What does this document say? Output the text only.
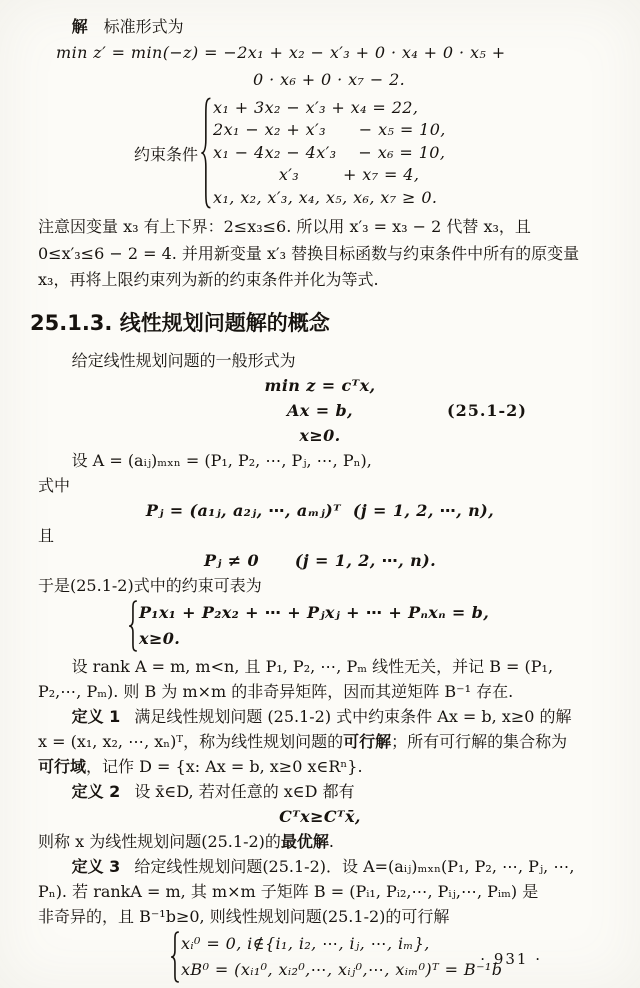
解 标准形式为
min z′ = min(−z) = −2x₁ + x₂ − x′₃ + 0 · x₄ + 0 · x₅ +
0 · x₆ + 0 · x₇ − 2.
约束条件
x₁ + 3x₂ − x′₃ + x₄ = 22,
2x₁ − x₂ + x′₃      − x₅ = 10,
x₁ − 4x₂ − 4x′₃    − x₆ = 10,
x′₃        + x₇ = 4,
x₁, x₂, x′₃, x₄, x₅, x₆, x₇ ≥ 0.
注意因变量 x₃ 有上下界：2≤x₃≤6. 所以用 x′₃ = x₃ − 2 代替 x₃，且
0≤x′₃≤6 − 2 = 4. 并用新变量 x′₃ 替换目标函数与约束条件中所有的原变量
x₃，再将上限约束列为新的约束条件并化为等式.
25.1.3. 线性规划问题解的概念
给定线性规划问题的一般形式为
min z = cᵀx,
Ax = b,
x≥0.
(25.1-2)
设 A = (aᵢⱼ)ₘₓₙ = (P₁, P₂, ⋯, Pⱼ, ⋯, Pₙ),
式中
Pⱼ = (a₁ⱼ, a₂ⱼ, ⋯, aₘⱼ)ᵀ  (j = 1, 2, ⋯, n),
且
Pⱼ ≠ 0      (j = 1, 2, ⋯, n).
于是(25.1-2)式中的约束可表为
P₁x₁ + P₂x₂ + ⋯ + Pⱼxⱼ + ⋯ + Pₙxₙ = b,
x≥0.
设 rank A = m, m<n, 且 P₁, P₂, ⋯, Pₘ 线性无关，并记 B = (P₁,
P₂,⋯, Pₘ). 则 B 为 m×m 的非奇异矩阵，因而其逆矩阵 B⁻¹ 存在.
定义 1 满足线性规划问题 (25.1-2) 式中约束条件 Ax = b, x≥0 的解
x = (x₁, x₂, ⋯, xₙ)ᵀ，称为线性规划问题的可行解；所有可行解的集合称为
可行域，记作 D = {x: Ax = b, x≥0 x∈Rⁿ}.
定义 2 设 x̄∈D, 若对任意的 x∈D 都有
Cᵀx≥Cᵀx̄,
则称 x 为线性规划问题(25.1-2)的最优解.
定义 3 给定线性规划问题(25.1-2)．设 A=(aᵢⱼ)ₘₓₙ(P₁, P₂, ⋯, Pⱼ, ⋯,
Pₙ). 若 rankA = m, 其 m×m 子矩阵 B = (Pᵢ₁, Pᵢ₂,⋯, Pᵢⱼ,⋯, Pᵢₘ) 是
非奇异的，且 B⁻¹b≥0, 则线性规划问题(25.1-2)的可行解
xᵢ⁰ = 0, i∉{i₁, i₂, ⋯, iⱼ, ⋯, iₘ},
xB⁰ = (xᵢ₁⁰, xᵢ₂⁰,⋯, xᵢⱼ⁰,⋯, xᵢₘ⁰)ᵀ = B⁻¹b
· 931 ·
